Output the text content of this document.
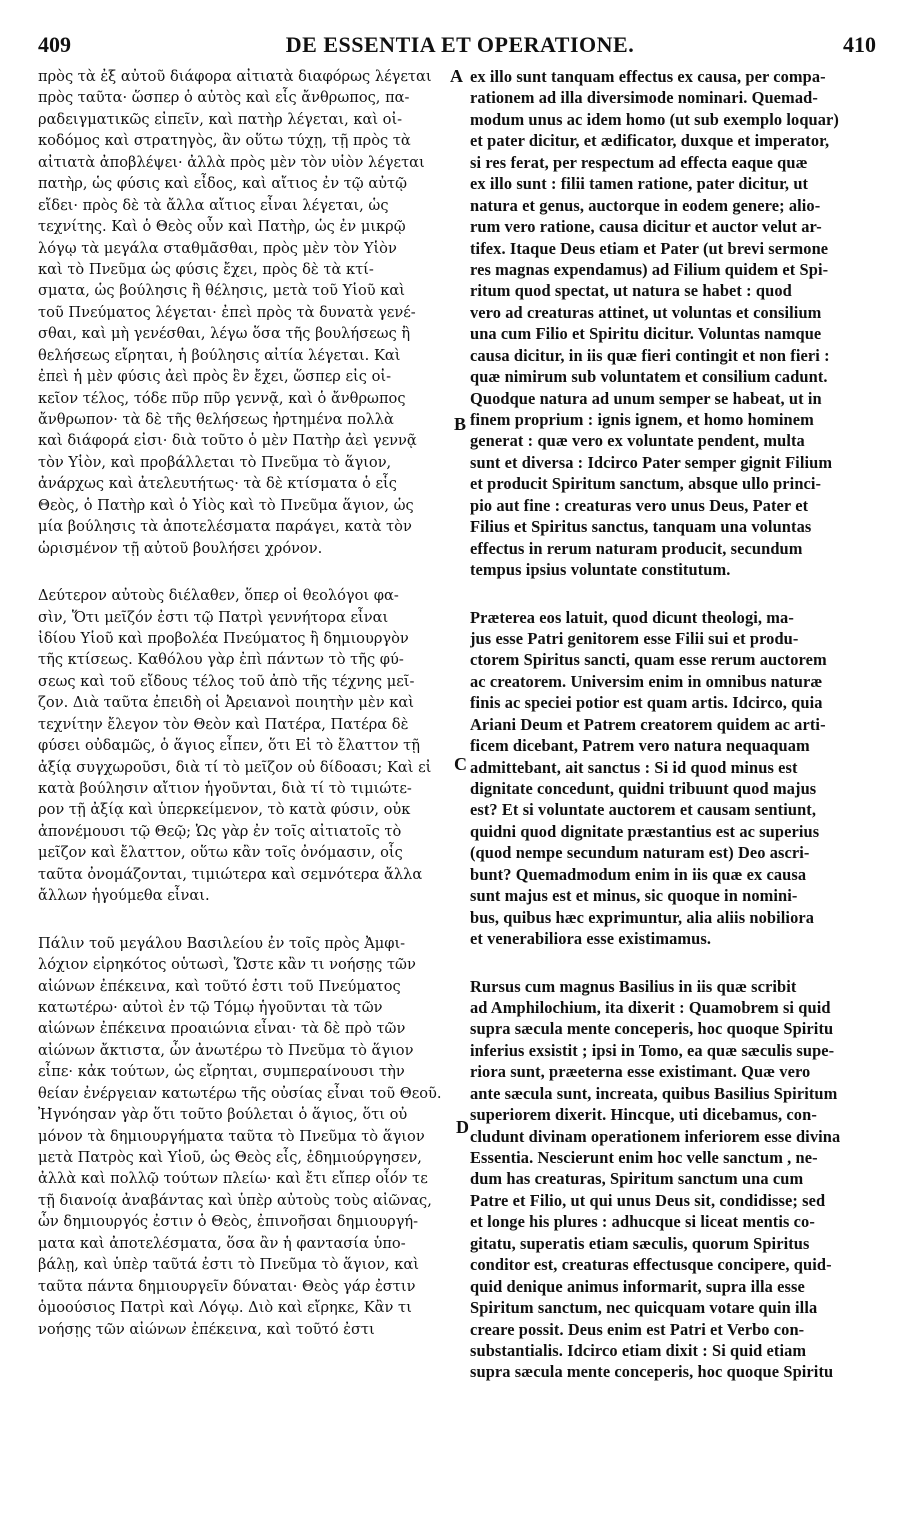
409	DE ESSENTIA ET OPERATIONE.	410
πρὸς τὰ ἐξ αὐτοῦ διάφορα αἰτιατὰ διαφόρως λέγεται
πρὸς ταῦτα· ὥσπερ ὁ αὐτὸς καὶ εἷς ἄνθρωπος, πα-
ραδειγματικῶς εἰπεῖν, καὶ πατὴρ λέγεται, καὶ οἰ-
κοδόμος καὶ στρατηγὸς, ἂν οὕτω τύχῃ, τῇ πρὸς τὰ
αἰτιατὰ ἀποβλέψει· ἀλλὰ πρὸς μὲν τὸν υἱὸν λέγεται
πατὴρ, ὡς φύσις καὶ εἶδος, καὶ αἴτιος ἐν τῷ αὐτῷ
εἴδει· πρὸς δὲ τὰ ἄλλα αἴτιος εἶναι λέγεται, ὡς
τεχνίτης. Καὶ ὁ Θεὸς οὖν καὶ Πατὴρ, ὡς ἐν μικρῷ
λόγῳ τὰ μεγάλα σταθμᾶσθαι, πρὸς μὲν τὸν Υἱὸν
καὶ τὸ Πνεῦμα ὡς φύσις ἔχει, πρὸς δὲ τὰ κτί-
σματα, ὡς βούλησις ἢ θέλησις, μετὰ τοῦ Υἱοῦ καὶ
τοῦ Πνεύματος λέγεται· ἐπεὶ πρὸς τὰ δυνατὰ γενέ-
σθαι, καὶ μὴ γενέσθαι, λέγω ὅσα τῆς βουλήσεως ἢ
θελήσεως εἴρηται, ἡ βούλησις αἰτία λέγεται. Καὶ
ἐπεὶ ἡ μὲν φύσις ἀεὶ πρὸς ἓν ἔχει, ὥσπερ εἰς οἰ-
κεῖον τέλος, τόδε πῦρ πῦρ γεννᾷ, καὶ ὁ ἄνθρωπος
ἄνθρωπον· τὰ δὲ τῆς θελήσεως ἠρτημένα πολλὰ
καὶ διάφορά εἰσι· διὰ τοῦτο ὁ μὲν Πατὴρ ἀεὶ γεννᾷ
τὸν Υἱὸν, καὶ προβάλλεται τὸ Πνεῦμα τὸ ἅγιον,
ἀνάρχως καὶ ἀτελευτήτως· τὰ δὲ κτίσματα ὁ εἷς
Θεὸς, ὁ Πατὴρ καὶ ὁ Υἱὸς καὶ τὸ Πνεῦμα ἅγιον, ὡς
μία βούλησις τὰ ἀποτελέσματα παράγει, κατὰ τὸν
ὡρισμένον τῇ αὐτοῦ βουλήσει χρόνον.
Δεύτερον αὐτοὺς διέλαθεν, ὅπερ οἱ θεολόγοι φα-
σὶν, Ὅτι μεῖζόν ἐστι τῷ Πατρὶ γεννήτορα εἶναι
ἰδίου Υἱοῦ καὶ προβολέα Πνεύματος ἢ δημιουργὸν
τῆς κτίσεως. Καθόλου γὰρ ἐπὶ πάντων τὸ τῆς φύ-
σεως καὶ τοῦ εἴδους τέλος τοῦ ἀπὸ τῆς τέχνης μεῖ-
ζον. Διὰ ταῦτα ἐπειδὴ οἱ Ἀρειανοὶ ποιητὴν μὲν καὶ
τεχνίτην ἔλεγον τὸν Θεὸν καὶ Πατέρα, Πατέρα δὲ
φύσει οὐδαμῶς, ὁ ἅγιος εἶπεν, ὅτι Εἰ τὸ ἔλαττον τῇ
ἀξίᾳ συγχωροῦσι, διὰ τί τὸ μεῖζον οὐ δίδοασι; Καὶ εἰ
κατὰ βούλησιν αἴτιον ἡγοῦνται, διὰ τί τὸ τιμιώτε-
ρον τῇ ἀξίᾳ καὶ ὑπερκείμενον, τὸ κατὰ φύσιν, οὐκ
ἀπονέμουσι τῷ Θεῷ; Ὡς γὰρ ἐν τοῖς αἰτιατοῖς τὸ
μεῖζον καὶ ἔλαττον, οὕτω κἂν τοῖς ὀνόμασιν, οἷς
ταῦτα ὀνομάζονται, τιμιώτερα καὶ σεμνότερα ἄλλα
ἄλλων ἡγούμεθα εἶναι.
Πάλιν τοῦ μεγάλου Βασιλείου ἐν τοῖς πρὸς Ἀμφι-
λόχιον εἰρηκότος οὑτωσὶ, Ὥστε κἂν τι νοήσῃς τῶν
αἰώνων ἐπέκεινα, καὶ τοῦτό ἐστι τοῦ Πνεύματος
κατωτέρω· αὐτοὶ ἐν τῷ Τόμῳ ἡγοῦνται τὰ τῶν
αἰώνων ἐπέκεινα προαιώνια εἶναι· τὰ δὲ πρὸ τῶν
αἰώνων ἄκτιστα, ὧν ἀνωτέρω τὸ Πνεῦμα τὸ ἅγιον
εἶπε· κἀκ τούτων, ὡς εἴρηται, συμπεραίνουσι τὴν
θείαν ἐνέργειαν κατωτέρω τῆς οὐσίας εἶναι τοῦ Θεοῦ.
Ἠγνόησαν γὰρ ὅτι τοῦτο βούλεται ὁ ἅγιος, ὅτι οὐ
μόνον τὰ δημιουργήματα ταῦτα τὸ Πνεῦμα τὸ ἅγιον
μετὰ Πατρὸς καὶ Υἱοῦ, ὡς Θεὸς εἷς, ἐδημιούργησεν,
ἀλλὰ καὶ πολλῷ τούτων πλείω· καὶ ἔτι εἴπερ οἷόν τε
τῇ διανοίᾳ ἀναβάντας καὶ ὑπὲρ αὐτοὺς τοὺς αἰῶνας,
ὧν δημιουργός ἐστιν ὁ Θεὸς, ἐπινοῆσαι δημιουργή-
ματα καὶ ἀποτελέσματα, ὅσα ἂν ἡ φαντασία ὑπο-
βάλῃ, καὶ ὑπὲρ ταῦτά ἐστι τὸ Πνεῦμα τὸ ἅγιον, καὶ
ταῦτα πάντα δημιουργεῖν δύναται· Θεὸς γάρ ἐστιν
ὁμοούσιος Πατρὶ καὶ Λόγῳ. Διὸ καὶ εἴρηκε, Κἂν τι
νοήσῃς τῶν αἰώνων ἐπέκεινα, καὶ τοῦτό ἐστι
ex illo sunt tanquam effectus ex causa, per compa-
rationem ad illa diversimode nominari. Quemad-
modum unus ac idem homo (ut sub exemplo loquar)
et pater dicitur, et ædificator, duxque et imperator,
si res ferat, per respectum ad effecta eaque quæ
ex illo sunt : filii tamen ratione, pater dicitur, ut
natura et genus, auctorque in eodem genere; alio-
rum vero ratione, causa dicitur et auctor velut ar-
tifex. Itaque Deus etiam et Pater (ut brevi sermone
res magnas expendamus) ad Filium quidem et Spi-
ritum quod spectat, ut natura se habet : quod
vero ad creaturas attinet, ut voluntas et consilium
una cum Filio et Spiritu dicitur. Voluntas namque
causa dicitur, in iis quæ fieri contingit et non fieri :
quæ nimirum sub voluntatem et consilium cadunt.
Quodque natura ad unum semper se habeat, ut in
finem proprium : ignis ignem, et homo hominem
generat : quæ vero ex voluntate pendent, multa
sunt et diversa : Idcirco Pater semper gignit Filium
et producit Spiritum sanctum, absque ullo princi-
pio aut fine : creaturas vero unus Deus, Pater et
Filius et Spiritus sanctus, tanquam una voluntas
effectus in rerum naturam producit, secundum
tempus ipsius voluntate constitutum.
Præterea eos latuit, quod dicunt theologi, ma-
jus esse Patri genitorem esse Filii sui et produ-
ctorem Spiritus sancti, quam esse rerum auctorem
ac creatorem. Universim enim in omnibus naturæ
finis ac speciei potior est quam artis. Idcirco, quia
Ariani Deum et Patrem creatorem quidem ac arti-
ficem dicebant, Patrem vero natura nequaquam
admittebant, ait sanctus : Si id quod minus est
dignitate concedunt, quidni tribuunt quod majus
est? Et si voluntate auctorem et causam sentiunt,
quidni quod dignitate præstantius est ac superius
(quod nempe secundum naturam est) Deo ascri-
bunt? Quemadmodum enim in iis quæ ex causa
sunt majus est et minus, sic quoque in nomini-
bus, quibus hæc exprimuntur, alia aliis nobiliora
et venerabiliora esse existimamus.
Rursus cum magnus Basilius in iis quæ scribit
ad Amphilochium, ita dixerit : Quamobrem si quid
supra sæcula mente conceperis, hoc quoque Spiritu
inferius exsistit ; ipsi in Tomo, ea quæ sæculis supe-
riora sunt, præeterna esse existimant. Quæ vero
ante sæcula sunt, increata, quibus Basilius Spiritum
superiorem dixerit. Hincque, uti dicebamus, con-
cludunt divinam operationem inferiorem esse divina
Essentia. Nescierunt enim hoc velle sanctum , ne-
dum has creaturas, Spiritum sanctum una cum
Patre et Filio, ut qui unus Deus sit, condidisse; sed
et longe his plures : adhucque si liceat mentis co-
gitatu, superatis etiam sæculis, quorum Spiritus
conditor est, creaturas effectusque concipere, quid-
quid denique animus informarit, supra illa esse
Spiritum sanctum, nec quicquam votare quin illa
creare possit. Deus enim est Patri et Verbo con-
substantialis. Idcirco etiam dixit : Si quid etiam
supra sæcula mente conceperis, hoc quoque Spiritu
A
B
C
D
